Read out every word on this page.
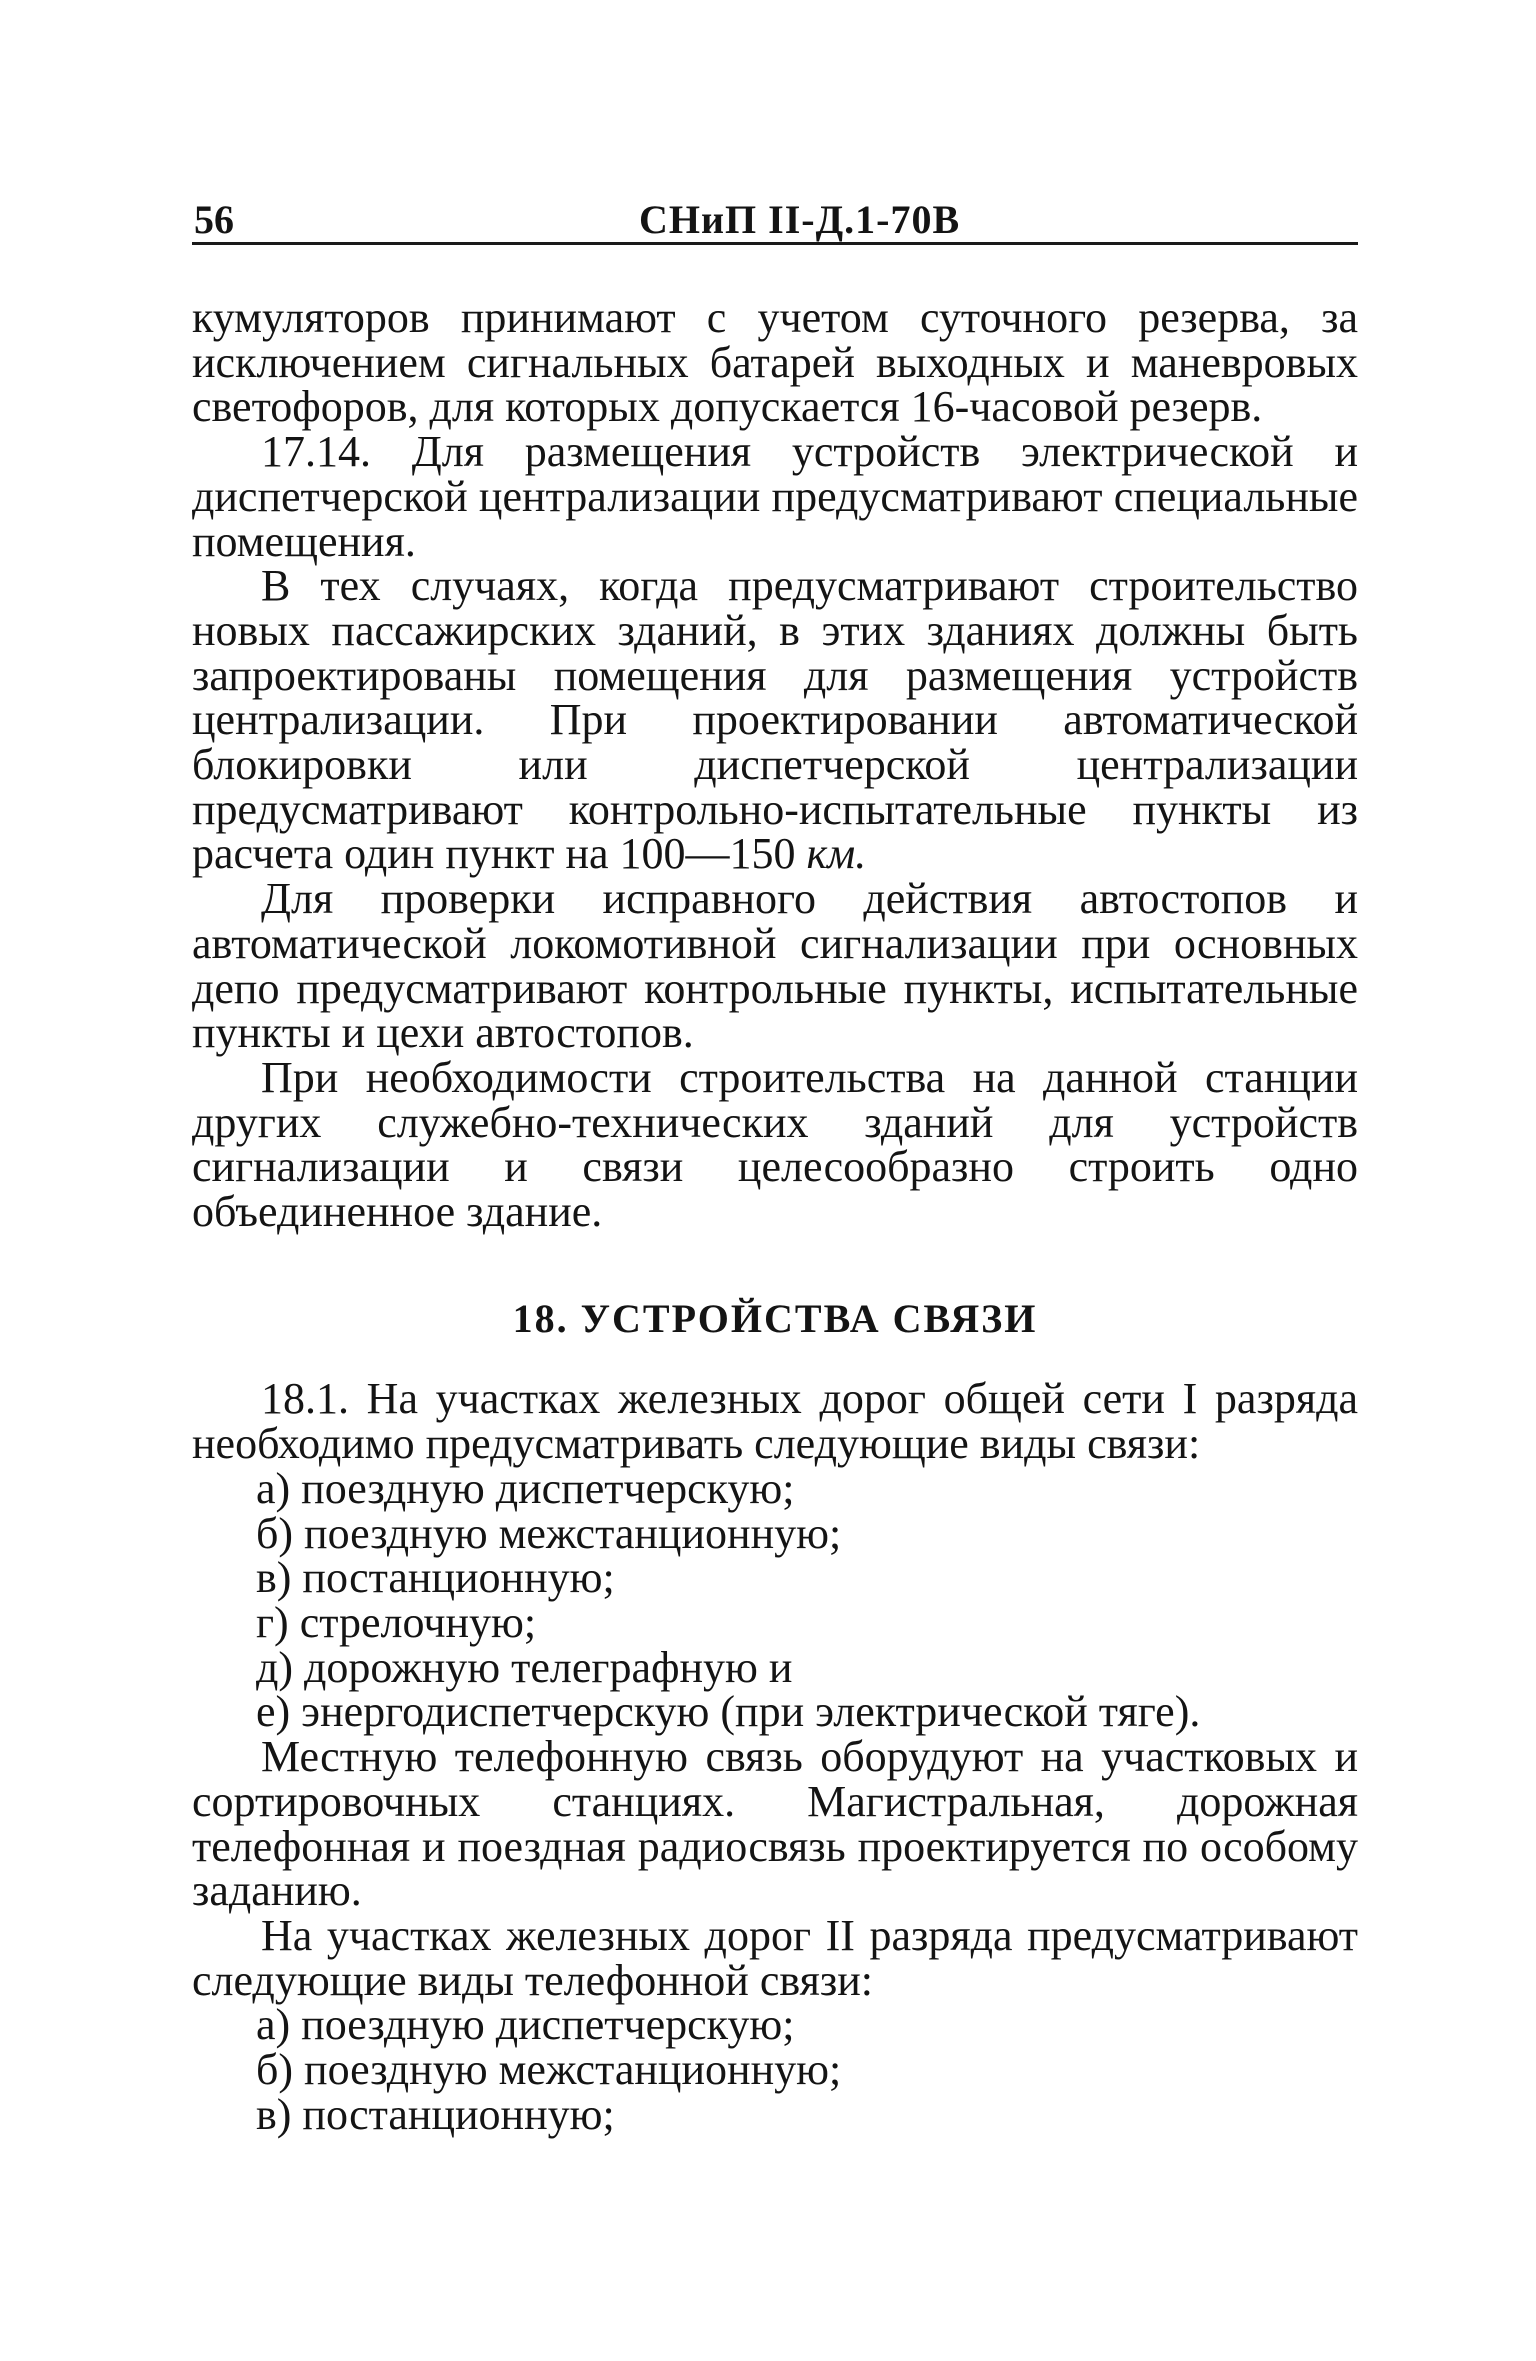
56	СНиП II-Д.1-70В

кумуляторов принимают с учетом суточного резерва, за исключением сигнальных батарей выходных и маневровых светофоров, для которых допускается 16-часовой резерв.

17.14. Для размещения устройств электрической и диспетчерской централизации предусматривают специальные помещения.

В тех случаях, когда предусматривают строительство новых пассажирских зданий, в этих зданиях должны быть запроектированы помещения для размещения устройств централизации. При проектировании автоматической блокировки или диспетчерской централизации предусматривают контрольно-испытательные пункты из расчета один пункт на 100—150 км.

Для проверки исправного действия автостопов и автоматической локомотивной сигнализации при основных депо предусматривают контрольные пункты, испытательные пункты и цехи автостопов.

При необходимости строительства на данной станции других служебно-технических зданий для устройств сигнализации и связи целесообразно строить одно объединенное здание.

18. УСТРОЙСТВА СВЯЗИ

18.1. На участках железных дорог общей сети I разряда необходимо предусматривать следующие виды связи:

а) поездную диспетчерскую;
б) поездную межстанционную;
в) постанционную;
г) стрелочную;
д) дорожную телеграфную и
е) энергодиспетчерскую (при электрической тяге).

Местную телефонную связь оборудуют на участковых и сортировочных станциях. Магистральная, дорожная телефонная и поездная радиосвязь проектируется по особому заданию.

На участках железных дорог II разряда предусматривают следующие виды телефонной связи:

а) поездную диспетчерскую;
б) поездную межстанционную;
в) постанционную;
